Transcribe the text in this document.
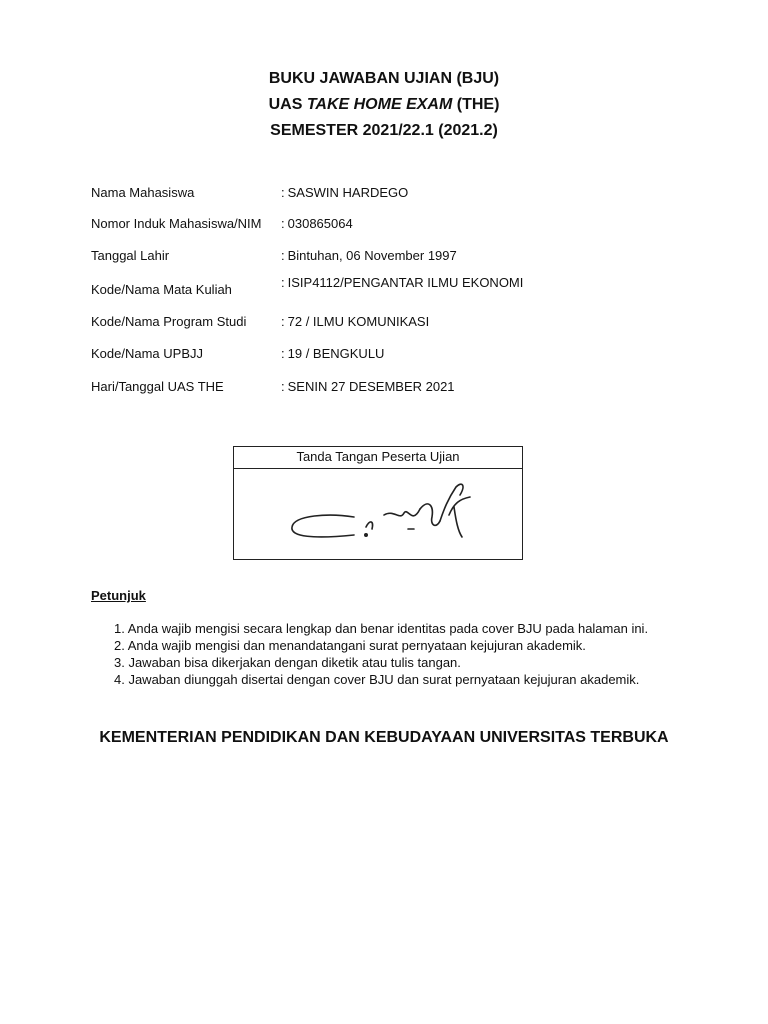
BUKU JAWABAN UJIAN (BJU)
UAS TAKE HOME EXAM (THE)
SEMESTER 2021/22.1 (2021.2)
Nama Mahasiswa	: SASWIN HARDEGO
Nomor Induk Mahasiswa/NIM : 030865064
Tanggal Lahir	: Bintuhan, 06 November 1997
Kode/Nama Mata Kuliah	: ISIP4112/PENGANTAR ILMU EKONOMI
Kode/Nama Program Studi	: 72 / ILMU KOMUNIKASI
Kode/Nama UPBJJ	: 19 / BENGKULU
Hari/Tanggal UAS THE	: SENIN 27 DESEMBER 2021
Tanda Tangan Peserta Ujian
Petunjuk
1. Anda wajib mengisi secara lengkap dan benar identitas pada cover BJU pada halaman ini.
2. Anda wajib mengisi dan menandatangani surat pernyataan kejujuran akademik.
3. Jawaban bisa dikerjakan dengan diketik atau tulis tangan.
4. Jawaban diunggah disertai dengan cover BJU dan surat pernyataan kejujuran akademik.
KEMENTERIAN PENDIDIKAN DAN KEBUDAYAAN UNIVERSITAS TERBUKA
